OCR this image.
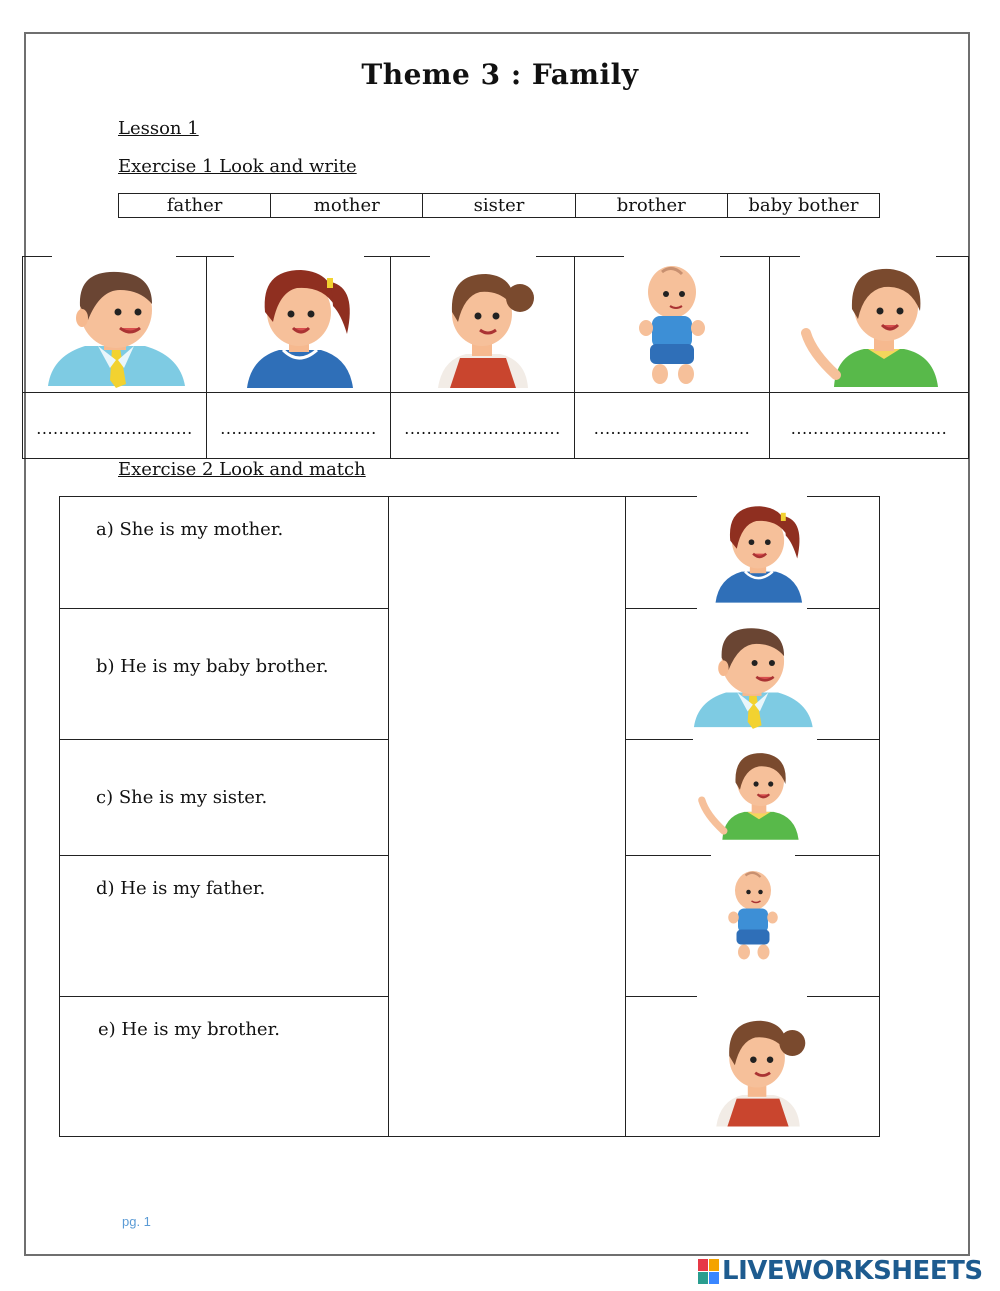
Theme 3 : Family
Lesson 1
Exercise 1 Look and write
father	mother	sister	brother	baby bother

............................	............................	............................	............................	............................
Exercise 2 Look and match
a) She is my mother.
b) He is my baby brother.
c) She is my sister.
d) He is my father.
e) He is my brother.
pg. 1
LIVEWORKSHEETS
